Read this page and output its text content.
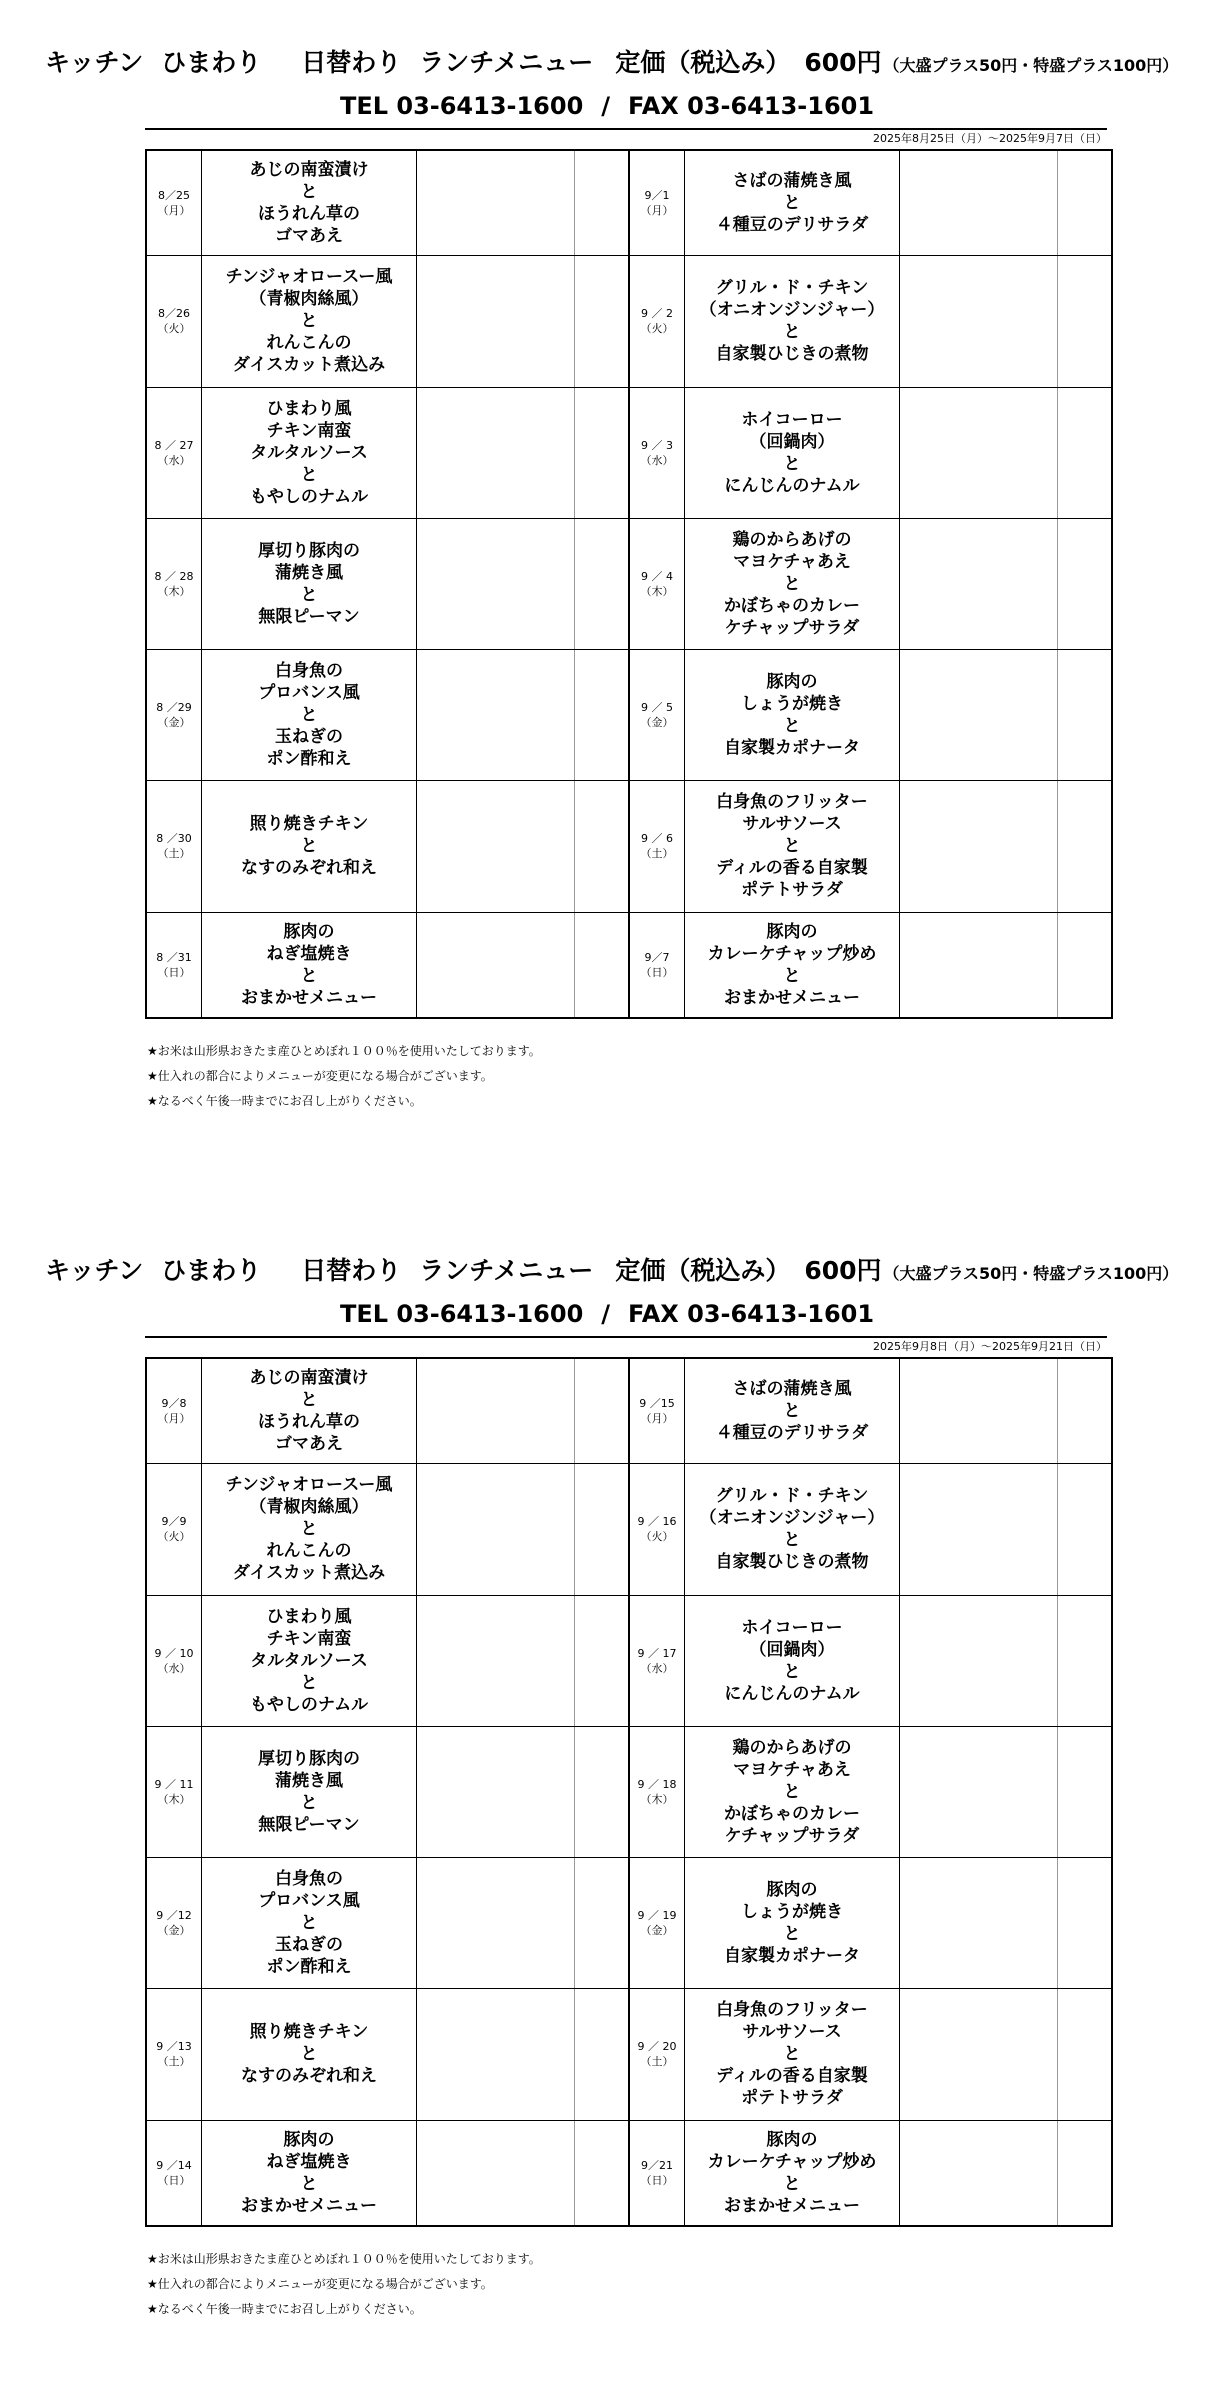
キッチン ひまわり 日替わり ランチメニュー 定価（税込み） 600円 （大盛プラス50円・特盛プラス100円）
TEL 03-6413-1600 / FAX 03-6413-1601
2025年8月25日（月）～2025年9月7日（日）
8／25
（月）	あじの南蛮漬け
と
ほうれん草の
ゴマあえ			9／1
（月）	さばの蒲焼き風
と
４種豆のデリサラダ		

8／26
（火）	チンジャオロースー風
（青椒肉絲風）
と
れんこんの
ダイスカット煮込み			9 ／ 2
（火）	グリル・ド・チキン
（オニオンジンジャー）
と
自家製ひじきの煮物		

8 ／ 27
（水）	ひまわり風
チキン南蛮
タルタルソース
と
もやしのナムル			9 ／ 3
（水）	ホイコーロー
（回鍋肉）
と
にんじんのナムル		

8 ／ 28
（木）	厚切り豚肉の
蒲焼き風
と
無限ピーマン			9 ／ 4
（木）	鶏のからあげの
マヨケチャあえ
と
かぼちゃのカレー
ケチャップサラダ		

8 ／29
（金）	白身魚の
プロバンス風
と
玉ねぎの
ポン酢和え			9 ／ 5
（金）	豚肉の
しょうが焼き
と
自家製カポナータ		

8 ／30
（土）	照り焼きチキン
と
なすのみぞれ和え			9 ／ 6
（土）	白身魚のフリッター
サルサソース
と
ディルの香る自家製
ポテトサラダ		

8 ／31
（日）	豚肉の
ねぎ塩焼き
と
おまかせメニュー			9／7
（日）	豚肉の
カレーケチャップ炒め
と
おまかせメニュー		

★お米は山形県おきたま産ひとめぼれ１００％を使用いたしております。
★仕入れの都合によりメニューが変更になる場合がございます。
★なるべく午後一時までにお召し上がりください。
キッチン ひまわり 日替わり ランチメニュー 定価（税込み） 600円 （大盛プラス50円・特盛プラス100円）
TEL 03-6413-1600 / FAX 03-6413-1601
2025年9月8日（月）～2025年9月21日（日）
9／8
（月）	あじの南蛮漬け
と
ほうれん草の
ゴマあえ			9 ／15
（月）	さばの蒲焼き風
と
４種豆のデリサラダ		

9／9
（火）	チンジャオロースー風
（青椒肉絲風）
と
れんこんの
ダイスカット煮込み			9 ／ 16
（火）	グリル・ド・チキン
（オニオンジンジャー）
と
自家製ひじきの煮物		

9 ／ 10
（水）	ひまわり風
チキン南蛮
タルタルソース
と
もやしのナムル			9 ／ 17
（水）	ホイコーロー
（回鍋肉）
と
にんじんのナムル		

9 ／ 11
（木）	厚切り豚肉の
蒲焼き風
と
無限ピーマン			9 ／ 18
（木）	鶏のからあげの
マヨケチャあえ
と
かぼちゃのカレー
ケチャップサラダ		

9 ／12
（金）	白身魚の
プロバンス風
と
玉ねぎの
ポン酢和え			9 ／ 19
（金）	豚肉の
しょうが焼き
と
自家製カポナータ		

9 ／13
（土）	照り焼きチキン
と
なすのみぞれ和え			9 ／ 20
（土）	白身魚のフリッター
サルサソース
と
ディルの香る自家製
ポテトサラダ		

9 ／14
（日）	豚肉の
ねぎ塩焼き
と
おまかせメニュー			9／21
（日）	豚肉の
カレーケチャップ炒め
と
おまかせメニュー		

★お米は山形県おきたま産ひとめぼれ１００％を使用いたしております。
★仕入れの都合によりメニューが変更になる場合がございます。
★なるべく午後一時までにお召し上がりください。
